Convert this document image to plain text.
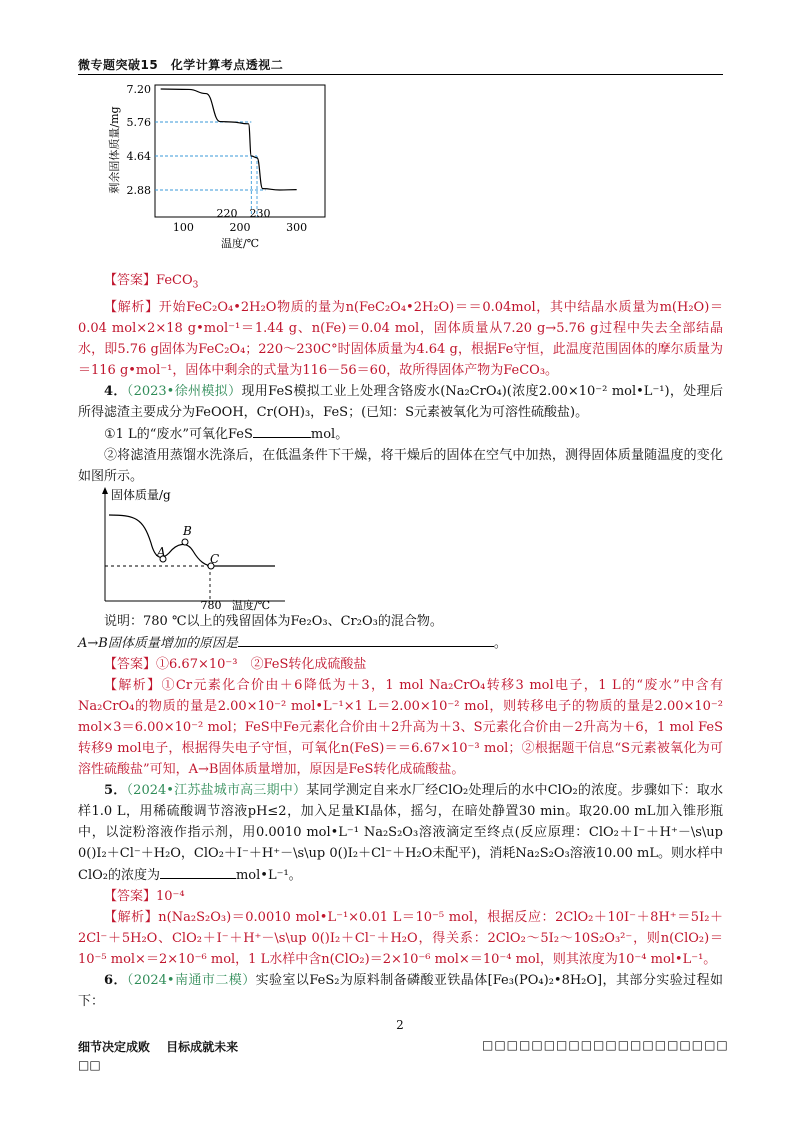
微专题突破15　化学计算考点透视二
7.20
5.76
4.64
2.88
100	200	300
剩余固体质量/mg
温度/℃
220 230

【答案】FeCO$_3$

【解析】开始FeC₂O₄•2H₂O物质的量为n(FeC₂O₄•2H₂O)＝＝0.04mol，其中结晶水质量为m(H₂O)＝0.04 mol×2×18 g•mol⁻¹＝1.44 g、n(Fe)＝0.04 mol，固体质量从7.20 g→5.76 g过程中失去全部结晶水，即5.76 g固体为FeC₂O₄；220～230C°时固体质量为4.64 g，根据Fe守恒，此温度范围固体的摩尔质量为＝116 g•mol⁻¹，固体中剩余的式量为116－56＝60，故所得固体产物为FeCO₃。

4．（2023•徐州模拟）现用FeS模拟工业上处理含铬废水(Na₂CrO₄)(浓度2.00×10⁻² mol•L⁻¹)，处理后所得滤渣主要成分为FeOOH，Cr(OH)₃，FeS；(已知：S元素被氧化为可溶性硫酸盐)。

①1 L的“废水”可氧化FeS	mol。

②将滤渣用蒸馏水洗涤后，在低温条件下干燥，将干燥后的固体在空气中加热，测得固体质量随温度的变化如图所示。

A
B
C
固体质量/g
780 温度/℃

说明：780 ℃以上的残留固体为Fe₂O₃、Cr₂O₃的混合物。

A→B固体质量增加的原因是	。

【答案】①6.67×10⁻³　②FeS转化成硫酸盐

【解析】①Cr元素化合价由＋6降低为＋3，1 mol Na₂CrO₄转移3 mol电子，1 L的“废水”中含有Na₂CrO₄的物质的量是2.00×10⁻² mol•L⁻¹×1 L＝2.00×10⁻² mol，则转移电子的物质的量是2.00×10⁻² mol×3＝6.00×10⁻² mol；FeS中Fe元素化合价由＋2升高为＋3、S元素化合价由－2升高为＋6，1 mol FeS转移9 mol电子，根据得失电子守恒，可氧化n(FeS)＝＝6.67×10⁻³ mol；②根据题干信息“S元素被氧化为可溶性硫酸盐”可知，A→B固体质量增加，原因是FeS转化成硫酸盐。

5．（2024•江苏盐城市高三期中）某同学测定自来水厂经ClO₂处理后的水中ClO₂的浓度。步骤如下：取水样1.0 L，用稀硫酸调节溶液pH≤2，加入足量KI晶体，摇匀，在暗处静置30 min。取20.00 mL加入锥形瓶中，以淀粉溶液作指示剂，用0.0010 mol•L⁻¹ Na₂S₂O₃溶液滴定至终点(反应原理：ClO₂＋I⁻＋H⁺－\s\up 0()I₂＋Cl⁻＋H₂O，ClO₂＋I⁻＋H⁺－\s\up 0()I₂＋Cl⁻＋H₂O未配平)，消耗Na₂S₂O₃溶液10.00 mL。则水样中ClO₂的浓度为	mol•L⁻¹。

【答案】10⁻⁴

【解析】n(Na₂S₂O₃)＝0.0010 mol•L⁻¹×0.01 L＝10⁻⁵ mol，根据反应：2ClO₂＋10I⁻＋8H⁺＝5I₂＋2Cl⁻＋5H₂O、ClO₂＋I⁻＋H⁺－\s\up 0()I₂＋Cl⁻＋H₂O，得关系：2ClO₂～5I₂～10S₂O₃²⁻，则n(ClO₂)＝10⁻⁵ mol×＝2×10⁻⁶ mol，1 L水样中含n(ClO₂)＝2×10⁻⁶ mol×＝10⁻⁴ mol，则其浓度为10⁻⁴ mol•L⁻¹。

6．（2024•南通市二模）实验室以FeS₂为原料制备磷酸亚铁晶体[Fe₃(PO₄)₂•8H₂O]，其部分实验过程如下：

2
细节决定成败　 目标成就未来
□□
□□□□□□□□□□□□□□□□□□□□
